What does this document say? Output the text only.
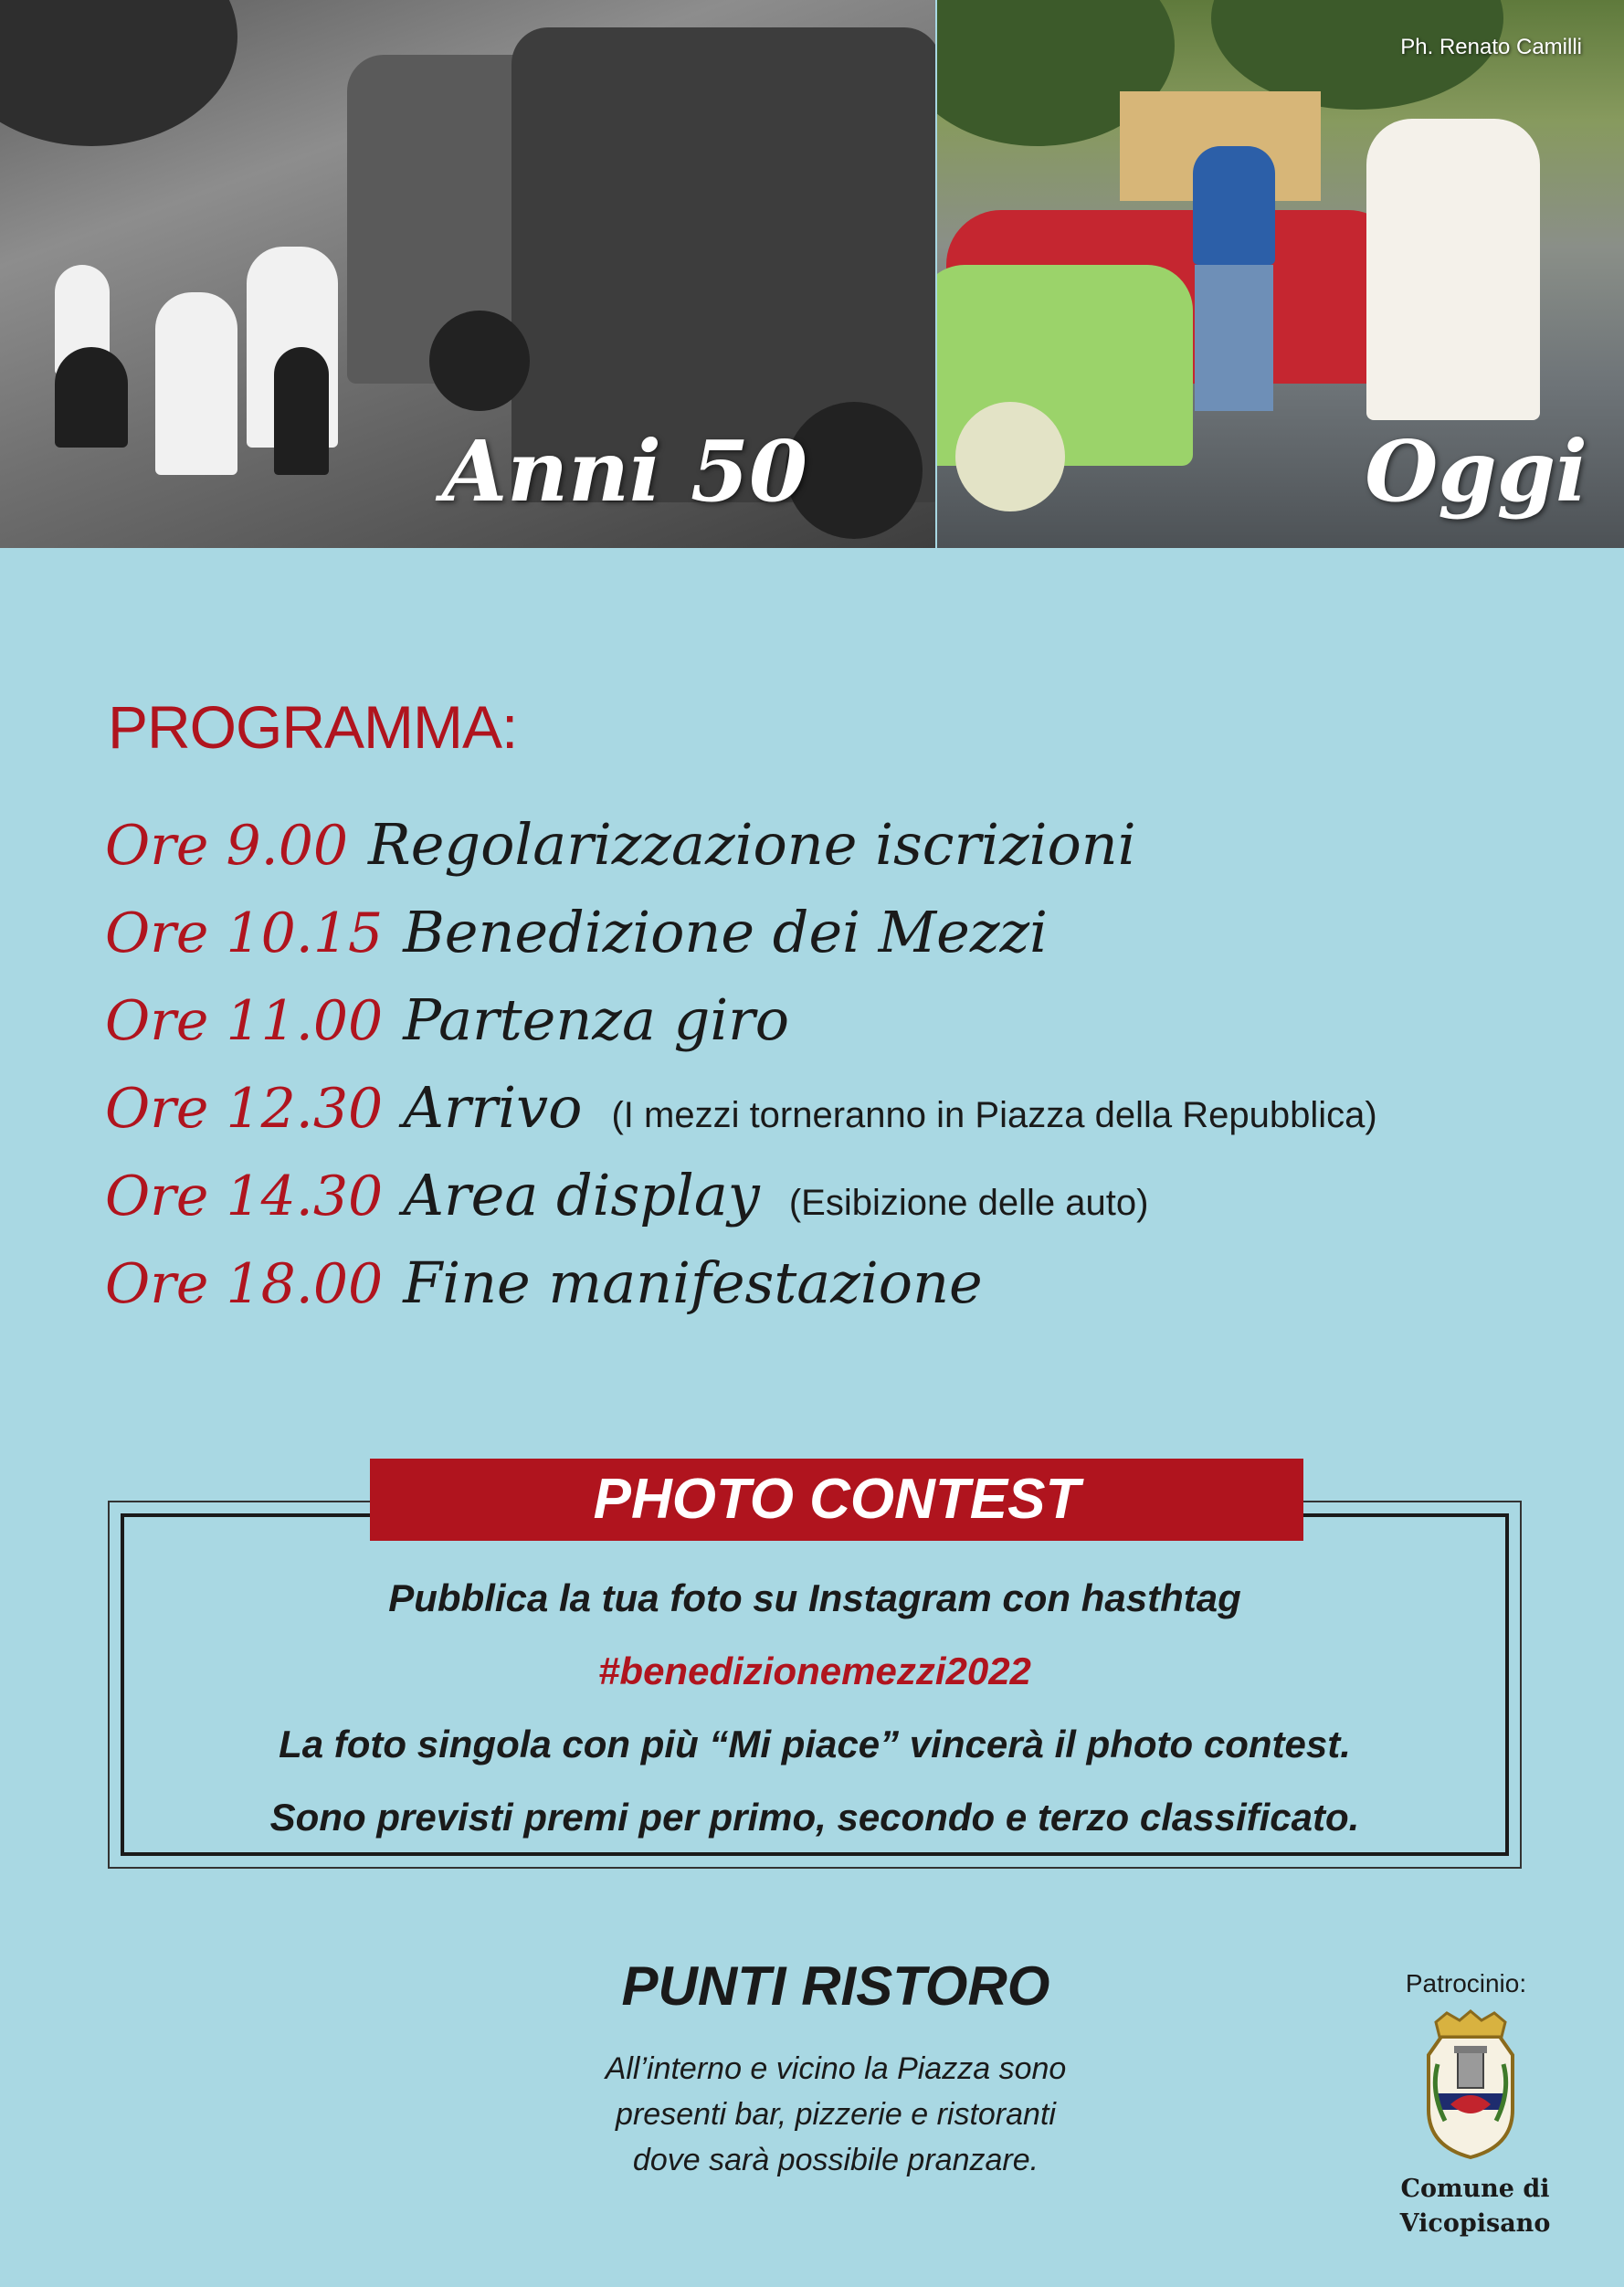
Anni 50
Ph. Renato Camilli
Oggi
PROGRAMMA:
Ore 9.00 Regolarizzazione iscrizioni
Ore 10.15 Benedizione dei Mezzi
Ore 11.00 Partenza giro
Ore 12.30 Arrivo (I mezzi torneranno in Piazza della Repubblica)
Ore 14.30 Area display (Esibizione delle auto)
Ore 18.00 Fine manifestazione
PHOTO CONTEST
Pubblica la tua foto su Instagram con hasthtag
#benedizionemezzi2022
La foto singola con più “Mi piace” vincerà il photo contest.
Sono previsti premi per primo, secondo e terzo classificato.
PUNTI RISTORO
All’interno e vicino la Piazza sono
presenti bar, pizzerie e ristoranti
dove sarà possibile pranzare.
Patrocinio:
Comune di
Vicopisano
